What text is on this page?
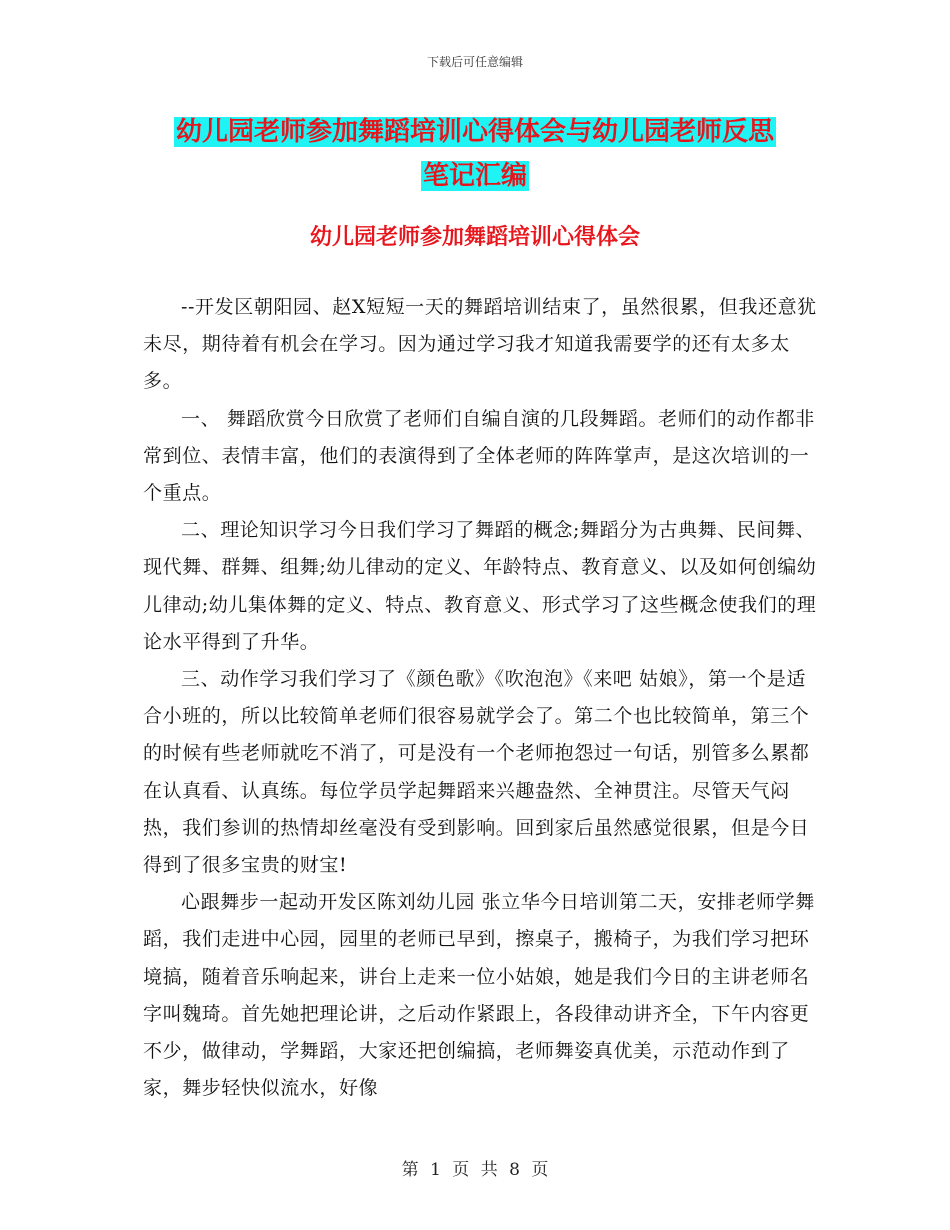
下载后可任意编辑
幼儿园老师参加舞蹈培训心得体会与幼儿园老师反思
笔记汇编
幼儿园老师参加舞蹈培训心得体会

--开发区朝阳园、赵X短短一天的舞蹈培训结束了，虽然很累，但我还意犹未尽，期待着有机会在学习。因为通过学习我才知道我需要学的还有太多太多。

一、 舞蹈欣赏今日欣赏了老师们自编自演的几段舞蹈。老师们的动作都非常到位、表情丰富，他们的表演得到了全体老师的阵阵掌声，是这次培训的一个重点。

二、理论知识学习今日我们学习了舞蹈的概念;舞蹈分为古典舞、民间舞、现代舞、群舞、组舞;幼儿律动的定义、年龄特点、教育意义、以及如何创编幼儿律动;幼儿集体舞的定义、特点、教育意义、形式学习了这些概念使我们的理论水平得到了升华。

三、动作学习我们学习了《颜色歌》《吹泡泡》《来吧 姑娘》，第一个是适合小班的，所以比较简单老师们很容易就学会了。第二个也比较简单，第三个的时候有些老师就吃不消了，可是没有一个老师抱怨过一句话，别管多么累都在认真看、认真练。每位学员学起舞蹈来兴趣盎然、全神贯注。尽管天气闷热，我们参训的热情却丝毫没有受到影响。回到家后虽然感觉很累，但是今日得到了很多宝贵的财宝!

心跟舞步一起动开发区陈刘幼儿园 张立华今日培训第二天，安排老师学舞蹈，我们走进中心园，园里的老师已早到，擦桌子，搬椅子，为我们学习把环境搞，随着音乐响起来，讲台上走来一位小姑娘，她是我们今日的主讲老师名字叫魏琦。首先她把理论讲，之后动作紧跟上，各段律动讲齐全，下午内容更不少，做律动，学舞蹈，大家还把创编搞，老师舞姿真优美，示范动作到了家，舞步轻快似流水，好像

第 1 页 共 8 页
